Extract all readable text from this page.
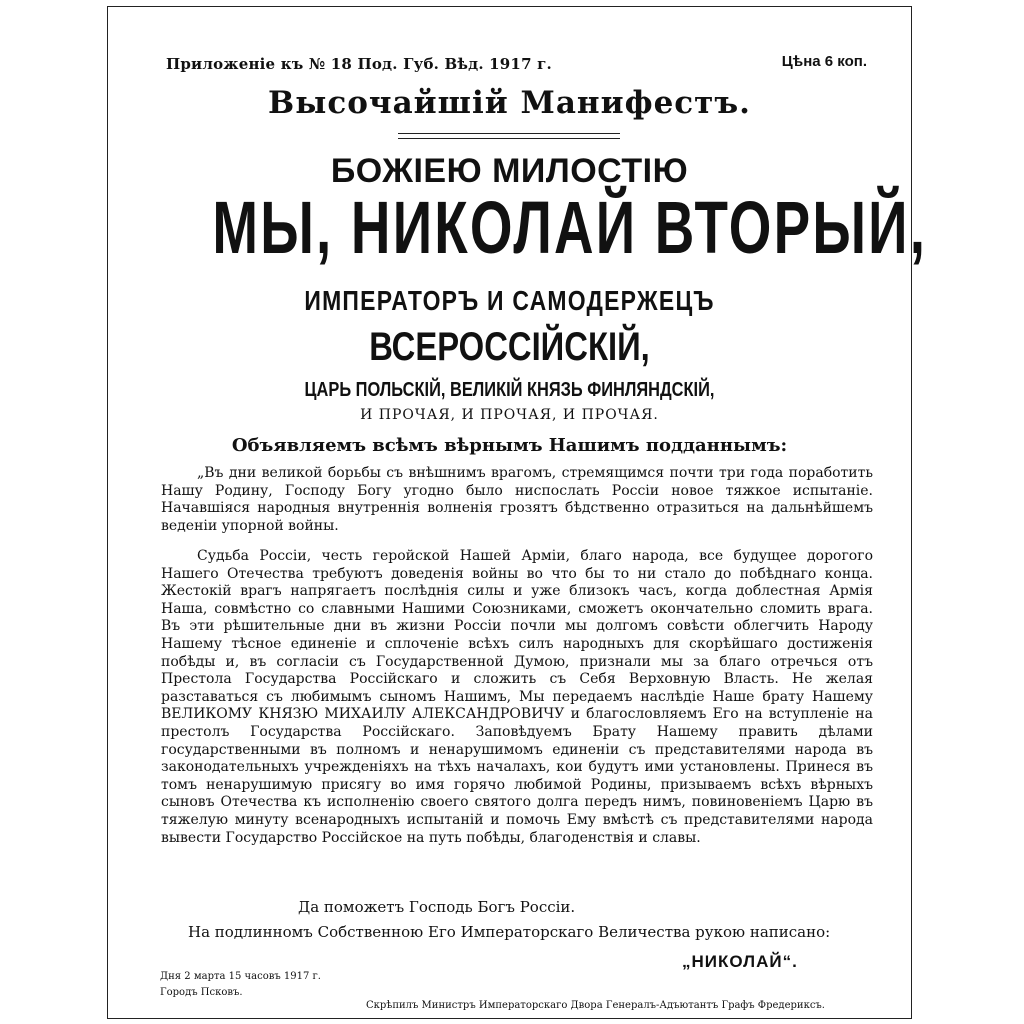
Приложенiе къ № 18 Под. Губ. Вѣд. 1917 г.	Цѣна 6 коп.

Высочайшiй Манифестъ.

БОЖIЕЮ МИЛОСТIЮ

МЫ, НИКОЛАЙ ВТОРЫЙ,

ИМПЕРАТОРЪ И САМОДЕРЖЕЦЪ

ВСЕРОССIЙСКIЙ,

ЦАРЬ ПОЛЬСКIЙ, ВЕЛИКIЙ КНЯЗЬ ФИНЛЯНДСКIЙ,

И ПРОЧАЯ, И ПРОЧАЯ, И ПРОЧАЯ.

Объявляемъ всѣмъ вѣрнымъ Нашимъ подданнымъ:

„Въ дни великой борьбы съ внѣшнимъ врагомъ, стремящимся почти три года поработить Нашу Родину, Господу Богу угодно было ниспослать Россiи новое тяжкое испытанiе. Начавшiяся народныя внутреннiя волненiя грозятъ бѣдственно отразиться на дальнѣйшемъ веденiи упорной войны.

Судьба Россiи, честь геройской Нашей Армiи, благо народа, все будущее дорогого Нашего Отечества требуютъ доведенiя войны во что бы то ни стало до побѣднаго конца. Жестокiй врагъ напрягаетъ послѣднiя силы и уже близокъ часъ, когда доблестная Армiя Наша, совмѣстно со славными Нашими Союзниками, сможетъ окончательно сломить врага. Въ эти рѣшительные дни въ жизни Россiи почли мы долгомъ совѣсти облегчить Народу Нашему тѣсное единенiе и сплоченiе всѣхъ силъ народныхъ для скорѣйшаго достиженiя побѣды и, въ согласiи съ Государственной Думою, признали мы за благо отречься отъ Престола Государства Россiйскаго и сложить съ Себя Верховную Власть. Не желая разставаться съ любимымъ сыномъ Нашимъ, Мы передаемъ наслѣдiе Наше брату Нашему ВЕЛИКОМУ КНЯЗЮ МИХАИЛУ АЛЕКСАНДРОВИЧУ и благословляемъ Его на вступленiе на престолъ Государства Россiйскаго. Заповѣдуемъ Брату Нашему править дѣлами государственными въ полномъ и ненарушимомъ единенiи съ представителями народа въ законодательныхъ учрежденiяхъ на тѣхъ началахъ, кои будутъ ими установлены. Принеся въ томъ ненарушимую присягу во имя горячо любимой Родины, призываемъ всѣхъ вѣрныхъ сыновъ Отечества къ исполненiю своего святого долга передъ нимъ, повиновенiемъ Царю въ тяжелую минуту всенародныхъ испытанiй и помочь Ему вмѣстѣ съ представителями народа вывести Государство Россiйское на путь побѣды, благоденствiя и славы.

Да поможетъ Господь Богъ Россiи.

На подлинномъ Собственною Его Императорскаго Величества рукою написано:

„НИКОЛАЙ“.

Дня 2 марта 15 часовъ 1917 г.
Городъ Псковъ.

Скрѣпилъ Министръ Императорскаго Двора Генералъ-Адъютантъ Графъ Фредериксъ.
